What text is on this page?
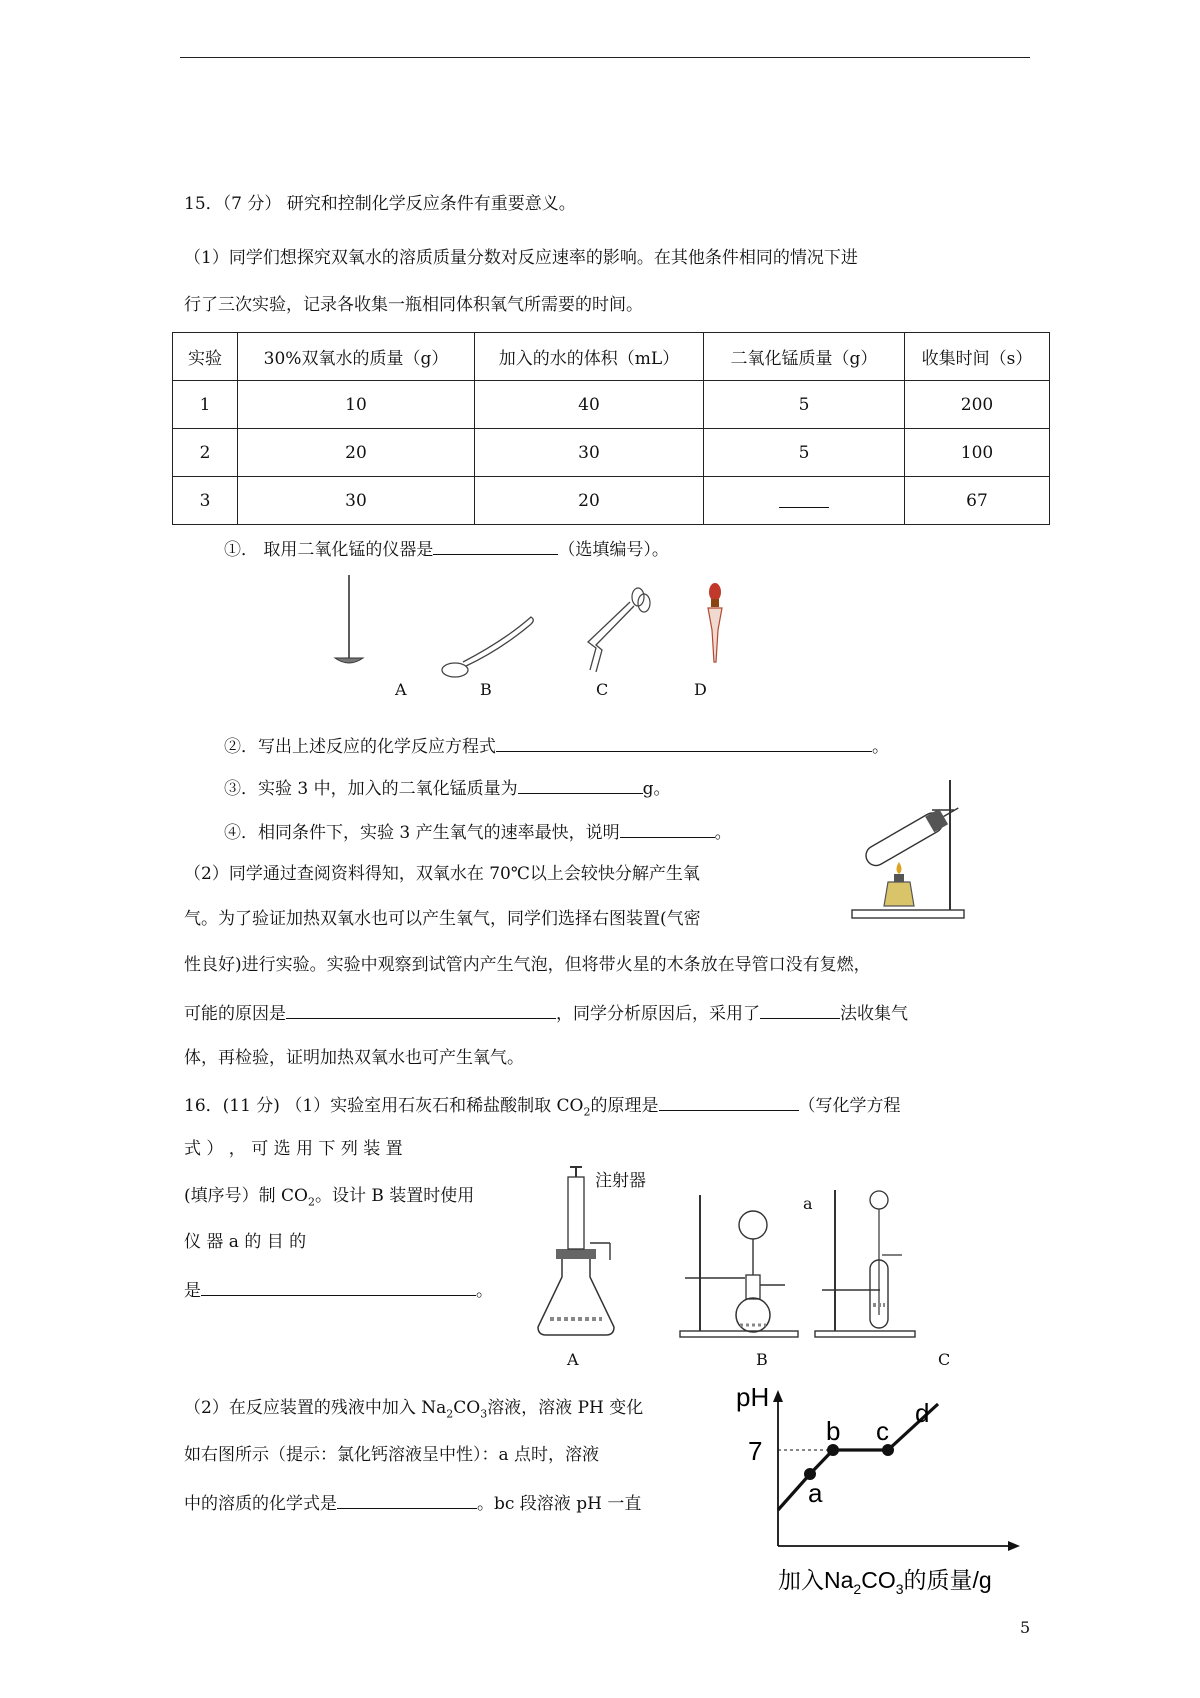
15．（7 分） 研究和控制化学反应条件有重要意义。
（1）同学们想探究双氧水的溶质质量分数对反应速率的影响。在其他条件相同的情况下进
行了三次实验，记录各收集一瓶相同体积氧气所需要的时间。
实验	30%双氧水的质量（g）	加入的水的体积（mL）	二氧化锰质量（g）	收集时间（s）
1	10	40	5	200
2	20	30	5	100
3	30	20		67
①． 取用二氧化锰的仪器是	（选填编号）。
A	B	C	D
②．写出上述反应的化学反应方程式	。
③．实验 3 中，加入的二氧化锰质量为	g。
④．相同条件下，实验 3 产生氧气的速率最快，说明	。
（2）同学通过查阅资料得知，双氧水在 70℃以上会较快分解产生氧
气。为了验证加热双氧水也可以产生氧气，同学们选择右图装置(气密
性良好)进行实验。实验中观察到试管内产生气泡，但将带火星的木条放在导管口没有复燃，
可能的原因是	，同学分析原因后，采用了	法收集气
体，再检验，证明加热双氧水也可产生氧气。
16．(11 分) （1）实验室用石灰石和稀盐酸制取 $CO_2$的原理是	（写化学方程
式 ） ， 可 选 用 下 列 装 置
(填序号）制 $CO_2$。设计 B 装置时使用
仪 器 a 的 目 的
是	。
注射器
a
A	B	C
（2）在反应装置的残液中加入 $Na_2CO_3$溶液，溶液 PH 变化
如右图所示（提示：氯化钙溶液呈中性）：a 点时，溶液
中的溶质的化学式是	。bc 段溶液 pH 一直
pH
7
a
b c
d
加入$Na_2CO_3$的质量/g
5
